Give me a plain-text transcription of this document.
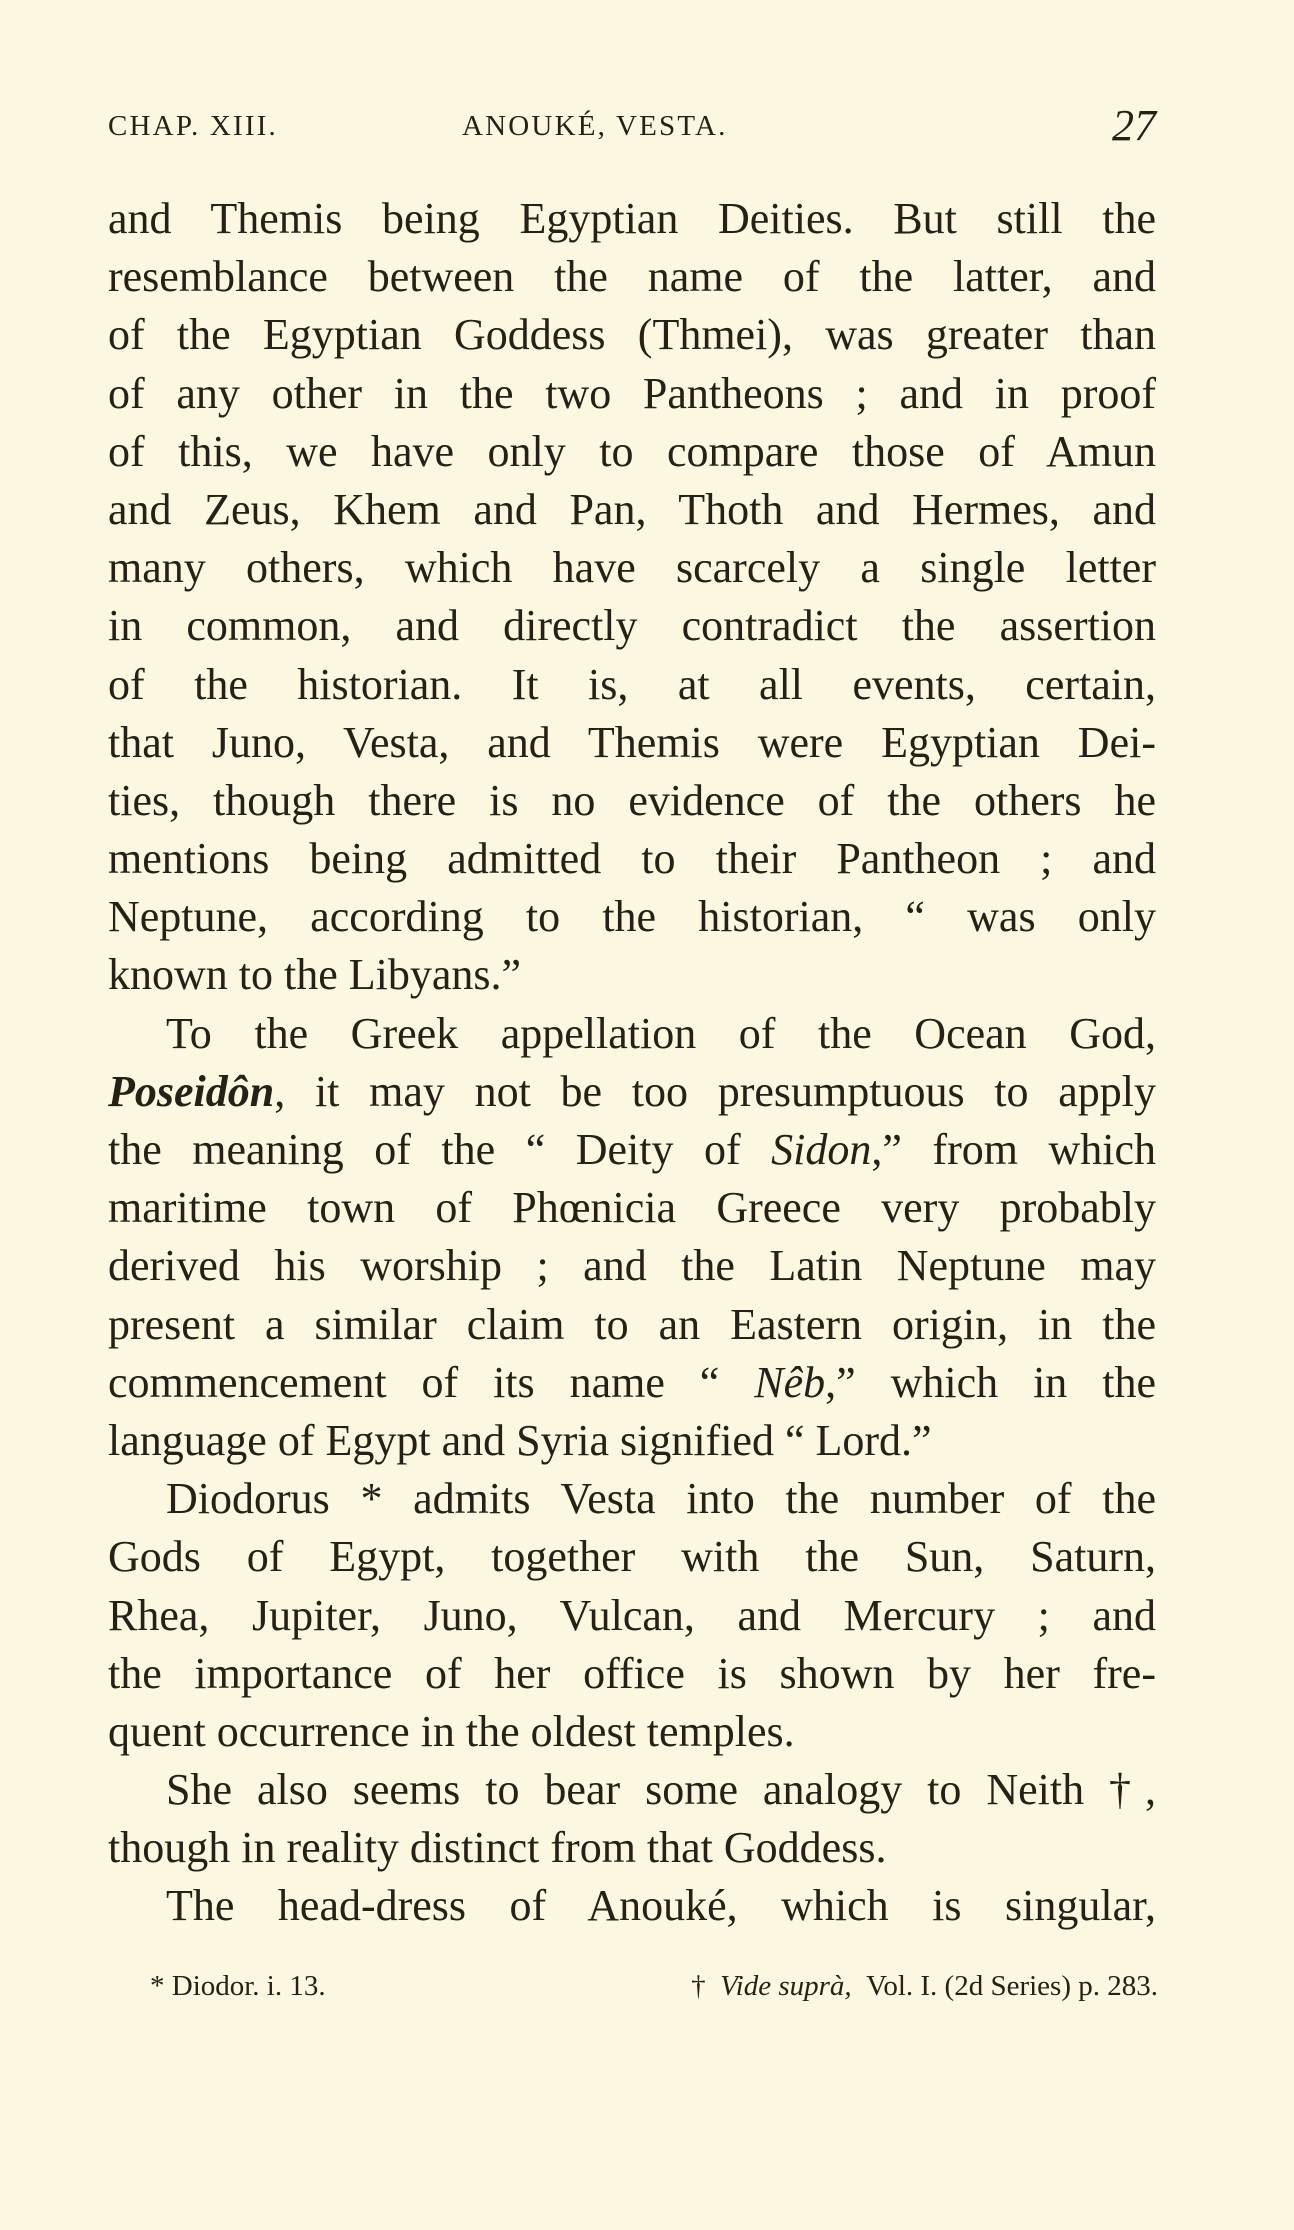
CHAP. XIII.	ANOUKÉ, VESTA.	27
and Themis being Egyptian Deities. But still the
resemblance between the name of the latter, and
of the Egyptian Goddess (Thmei), was greater than
of any other in the two Pantheons ; and in proof
of this, we have only to compare those of Amun
and Zeus, Khem and Pan, Thoth and Hermes, and
many others, which have scarcely a single letter
in common, and directly contradict the assertion
of the historian. It is, at all events, certain,
that Juno, Vesta, and Themis were Egyptian Dei-
ties, though there is no evidence of the others he
mentions being admitted to their Pantheon ; and
Neptune, according to the historian, “ was only
known to the Libyans.”
To the Greek appellation of the Ocean God,
Poseidôn, it may not be too presumptuous to apply
the meaning of the “ Deity of Sidon,” from which
maritime town of Phœnicia Greece very probably
derived his worship ; and the Latin Neptune may
present a similar claim to an Eastern origin, in the
commencement of its name “ Nêb,” which in the
language of Egypt and Syria signified “ Lord.”
Diodorus * admits Vesta into the number of the
Gods of Egypt, together with the Sun, Saturn,
Rhea, Jupiter, Juno, Vulcan, and Mercury ; and
the importance of her office is shown by her fre-
quent occurrence in the oldest temples.
She also seems to bear some analogy to Neith †,
though in reality distinct from that Goddess.
The head-dress of Anouké, which is singular,
* Diodor. i. 13.	† Vide suprà, Vol. I. (2d Series) p. 283.
